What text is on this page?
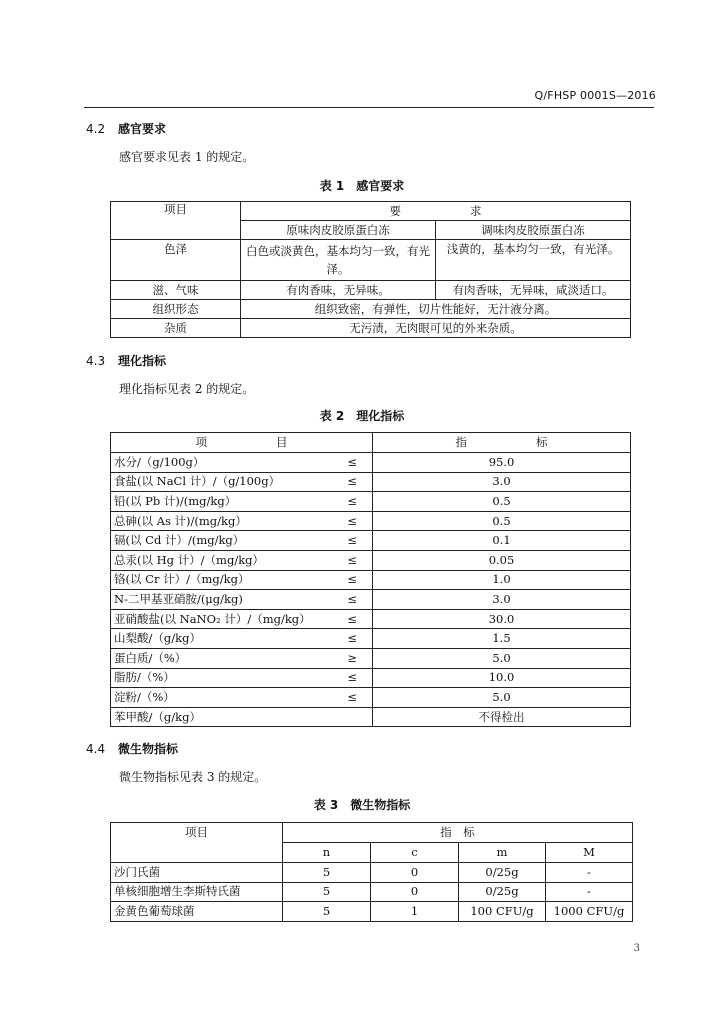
Q/FHSP 0001S—2016
4.2 感官要求
感官要求见表 1 的规定。
表 1　感官要求
项目	要　　　　　　求	
	原味肉皮胶原蛋白冻	调味肉皮胶原蛋白冻
色泽	白色或淡黄色，基本均匀一致，有光泽。	浅黄的，基本均匀一致，有光泽。
滋、气味	有肉香味，无异味。	有肉香味，无异味，咸淡适口。
组织形态	组织致密，有弹性，切片性能好，无汁液分离。	
杂质	无污渍，无肉眼可见的外来杂质。	
4.3 理化指标
理化指标见表 2 的规定。
表 2　理化指标
项　　　　　　目		指　　　　　　标
水分/（g/100g）	≤	95.0
食盐(以 NaCl 计）/（g/100g）	≤	3.0
铅(以 Pb 计)/(mg/kg）	≤	0.5
总砷(以 As 计)/(mg/kg）	≤	0.5
镉(以 Cd 计）/(mg/kg）	≤	0.1
总汞(以 Hg 计）/（mg/kg）	≤	0.05
铬(以 Cr 计）/（mg/kg）	≤	1.0
N-二甲基亚硝胺/(μg/kg)	≤	3.0
亚硝酸盐(以 NaNO₂ 计）/（mg/kg）	≤	30.0
山梨酸/（g/kg）	≤	1.5
蛋白质/（%）	≥	5.0
脂肪/（%）	≤	10.0
淀粉/（%）	≤	5.0
苯甲酸/（g/kg）		不得检出
4.4 微生物指标
微生物指标见表 3 的规定。
表 3　微生物指标
项目	指　标			
	n	c	m	M
沙门氏菌	5	0	0/25g	-
单核细胞增生李斯特氏菌	5	0	0/25g	-
金黄色葡萄球菌	5	1	100 CFU/g	1000 CFU/g
3
